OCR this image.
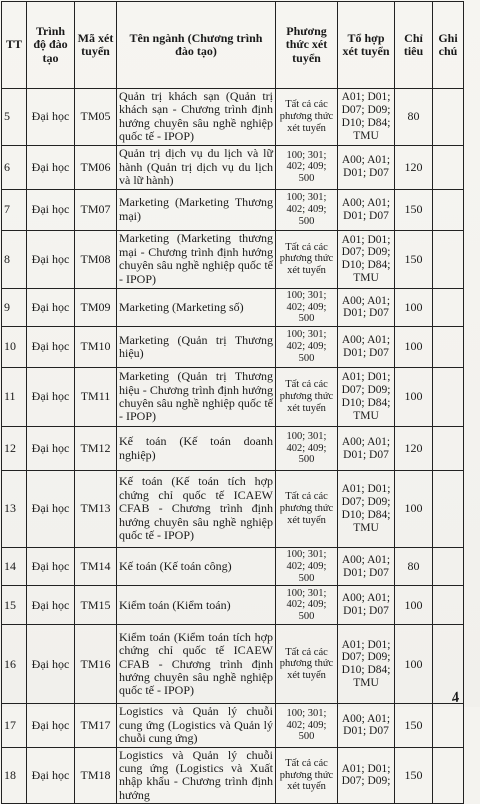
TT	Trình độ đào tạo	Mã xét tuyển	Tên ngành (Chương trình đào tạo)	Phương thức xét tuyển	Tổ hợp xét tuyển	Chỉ tiêu	Ghi chú
5	Đại học	TM05	Quản trị khách sạn (Quản trị khách sạn - Chương trình định hướng chuyên sâu nghề nghiệp quốc tế - IPOP)	Tất cả các phương thức xét tuyển	A01; D01; D07; D09; D10; D84; TMU	80	
6	Đại học	TM06	Quản trị dịch vụ du lịch và lữ hành (Quản trị dịch vụ du lịch và lữ hành)	100; 301; 402; 409; 500	A00; A01; D01; D07	120	
7	Đại học	TM07	Marketing (Marketing Thương mại)	100; 301; 402; 409; 500	A00; A01; D01; D07	150	
8	Đại học	TM08	Marketing (Marketing thương mại - Chương trình định hướng chuyên sâu nghề nghiệp quốc tế - IPOP)	Tất cả các phương thức xét tuyển	A01; D01; D07; D09; D10; D84; TMU	150	
9	Đại học	TM09	Marketing (Marketing số)	100; 301; 402; 409; 500	A00; A01; D01; D07	100	
10	Đại học	TM10	Marketing (Quản trị Thương hiệu)	100; 301; 402; 409; 500	A00; A01; D01; D07	100	
11	Đại học	TM11	Marketing (Quản trị Thương hiệu - Chương trình định hướng chuyên sâu nghề nghiệp quốc tế - IPOP)	Tất cả các phương thức xét tuyển	A01; D01; D07; D09; D10; D84; TMU	100	
12	Đại học	TM12	Kế toán (Kế toán doanh nghiệp)	100; 301; 402; 409; 500	A00; A01; D01; D07	120	
13	Đại học	TM13	Kế toán (Kế toán tích hợp chứng chỉ quốc tế ICAEW CFAB - Chương trình định hướng chuyên sâu nghề nghiệp quốc tế - IPOP)	Tất cả các phương thức xét tuyển	A01; D01; D07; D09; D10; D84; TMU	100	
14	Đại học	TM14	Kế toán (Kế toán công)	100; 301; 402; 409; 500	A00; A01; D01; D07	80	
15	Đại học	TM15	Kiểm toán (Kiểm toán)	100; 301; 402; 409; 500	A00; A01; D01; D07	100	
16	Đại học	TM16	Kiểm toán (Kiểm toán tích hợp chứng chỉ quốc tế ICAEW CFAB - Chương trình định hướng chuyên sâu nghề nghiệp quốc tế - IPOP)	Tất cả các phương thức xét tuyển	A01; D01; D07; D09; D10; D84; TMU	100	
17	Đại học	TM17	Logistics và Quản lý chuỗi cung ứng (Logistics và Quản lý chuỗi cung ứng)	100; 301; 402; 409; 500	A00; A01; D01; D07	150	
18	Đại học	TM18	Logistics và Quản lý chuỗi cung ứng (Logistics và Xuất nhập khẩu - Chương trình định hướng	Tất cả các phương thức xét tuyển	A01; D01; D07; D09;	150	
4
